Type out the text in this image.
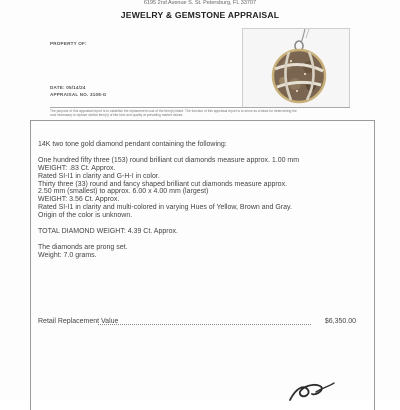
6195 2nd Avenue S. St. Petersburg, FL 33707
JEWELRY & GEMSTONE APPRAISAL
PROPERTY OF:
DATE: 05/14/24
APPRAISAL NO. 3108-G
The purpose of this appraisal report is to establish the replacement cost of the item(s) listed. The function of this appraisal report is to serve as a basis for determining the
cost necessary to replace similar item(s) of like kind and quality at prevailing market values.
14K two tone gold diamond pendant containing the following:
One hundred fifty three (153) round brilliant cut diamonds measure approx. 1.00 mm
WEIGHT: .83 Ct. Approx.
Rated SI-I1 in clarity and G-H-I in color.
Thirty three (33) round and fancy shaped brilliant cut diamonds measure approx.
2.50 mm (smallest) to approx. 6.00 x 4.00 mm (largest)
WEIGHT: 3.56 Ct. Approx.
Rated SI-I1 in clarity and multi-colored in varying Hues of Yellow, Brown and Gray.
Origin of the color is unknown.
TOTAL DIAMOND WEIGHT: 4.39 Ct. Approx.
The diamonds are prong set.
Weight: 7.0 grams.
Retail Replacement Value	$6,350.00
